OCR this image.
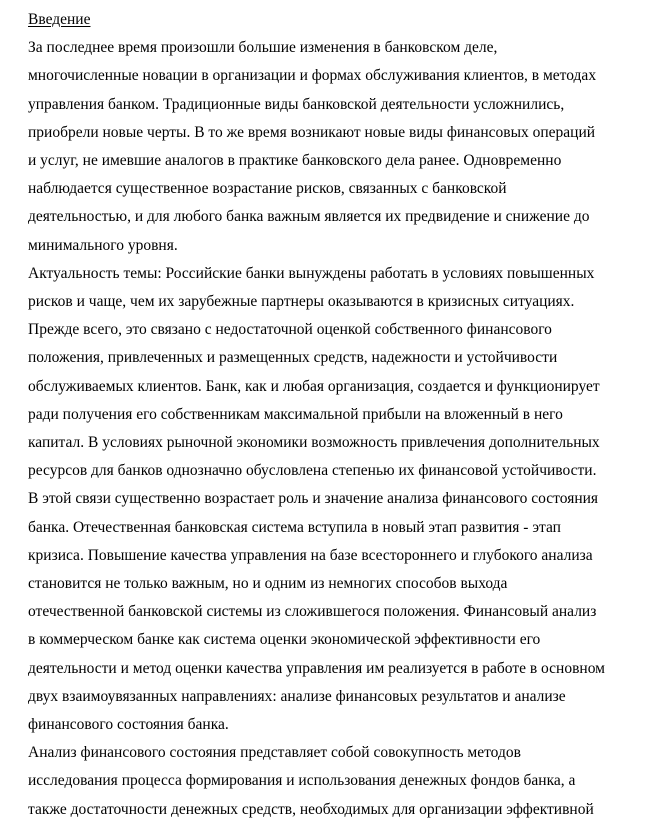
Введение
За последнее время произошли большие изменения в банковском деле,
многочисленные новации в организации и формах обслуживания клиентов, в методах
управления банком. Традиционные виды банковской деятельности усложнились,
приобрели новые черты. В то же время возникают новые виды финансовых операций
и услуг, не имевшие аналогов в практике банковского дела ранее. Одновременно
наблюдается существенное возрастание рисков, связанных с банковской
деятельностью, и для любого банка важным является их предвидение и снижение до
минимального уровня.
Актуальность темы: Российские банки вынуждены работать в условиях повышенных
рисков и чаще, чем их зарубежные партнеры оказываются в кризисных ситуациях.
Прежде всего, это связано с недостаточной оценкой собственного финансового
положения, привлеченных и размещенных средств, надежности и устойчивости
обслуживаемых клиентов. Банк, как и любая организация, создается и функционирует
ради получения его собственникам максимальной прибыли на вложенный в него
капитал. В условиях рыночной экономики возможность привлечения дополнительных
ресурсов для банков однозначно обусловлена степенью их финансовой устойчивости.
В этой связи существенно возрастает роль и значение анализа финансового состояния
банка. Отечественная банковская система вступила в новый этап развития - этап
кризиса. Повышение качества управления на базе всестороннего и глубокого анализа
становится не только важным, но и одним из немногих способов выхода
отечественной банковской системы из сложившегося положения. Финансовый анализ
в коммерческом банке как система оценки экономической эффективности его
деятельности и метод оценки качества управления им реализуется в работе в основном
двух взаимоувязанных направлениях: анализе финансовых результатов и анализе
финансового состояния банка.
Анализ финансового состояния представляет собой совокупность методов
исследования процесса формирования и использования денежных фондов банка, а
также достаточности денежных средств, необходимых для организации эффективной
